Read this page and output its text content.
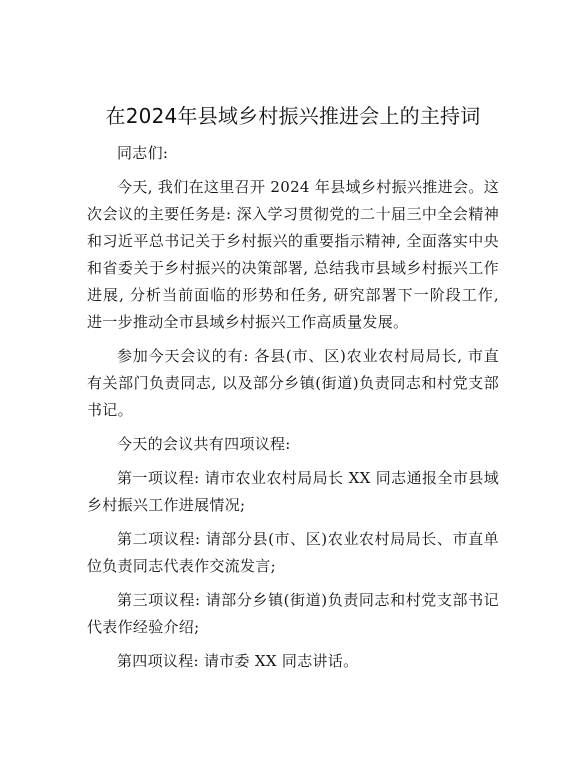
在2024年县域乡村振兴推进会上的主持词

同志们:

今天, 我们在这里召开 2024 年县域乡村振兴推进会。这次会议的主要任务是: 深入学习贯彻党的二十届三中全会精神和习近平总书记关于乡村振兴的重要指示精神, 全面落实中央和省委关于乡村振兴的决策部署, 总结我市县域乡村振兴工作进展, 分析当前面临的形势和任务, 研究部署下一阶段工作, 进一步推动全市县域乡村振兴工作高质量发展。

参加今天会议的有: 各县(市、区)农业农村局局长, 市直有关部门负责同志, 以及部分乡镇(街道)负责同志和村党支部书记。

今天的会议共有四项议程:

第一项议程: 请市农业农村局局长 XX 同志通报全市县域乡村振兴工作进展情况;

第二项议程: 请部分县(市、区)农业农村局局长、市直单位负责同志代表作交流发言;

第三项议程: 请部分乡镇(街道)负责同志和村党支部书记代表作经验介绍;

第四项议程: 请市委 XX 同志讲话。
